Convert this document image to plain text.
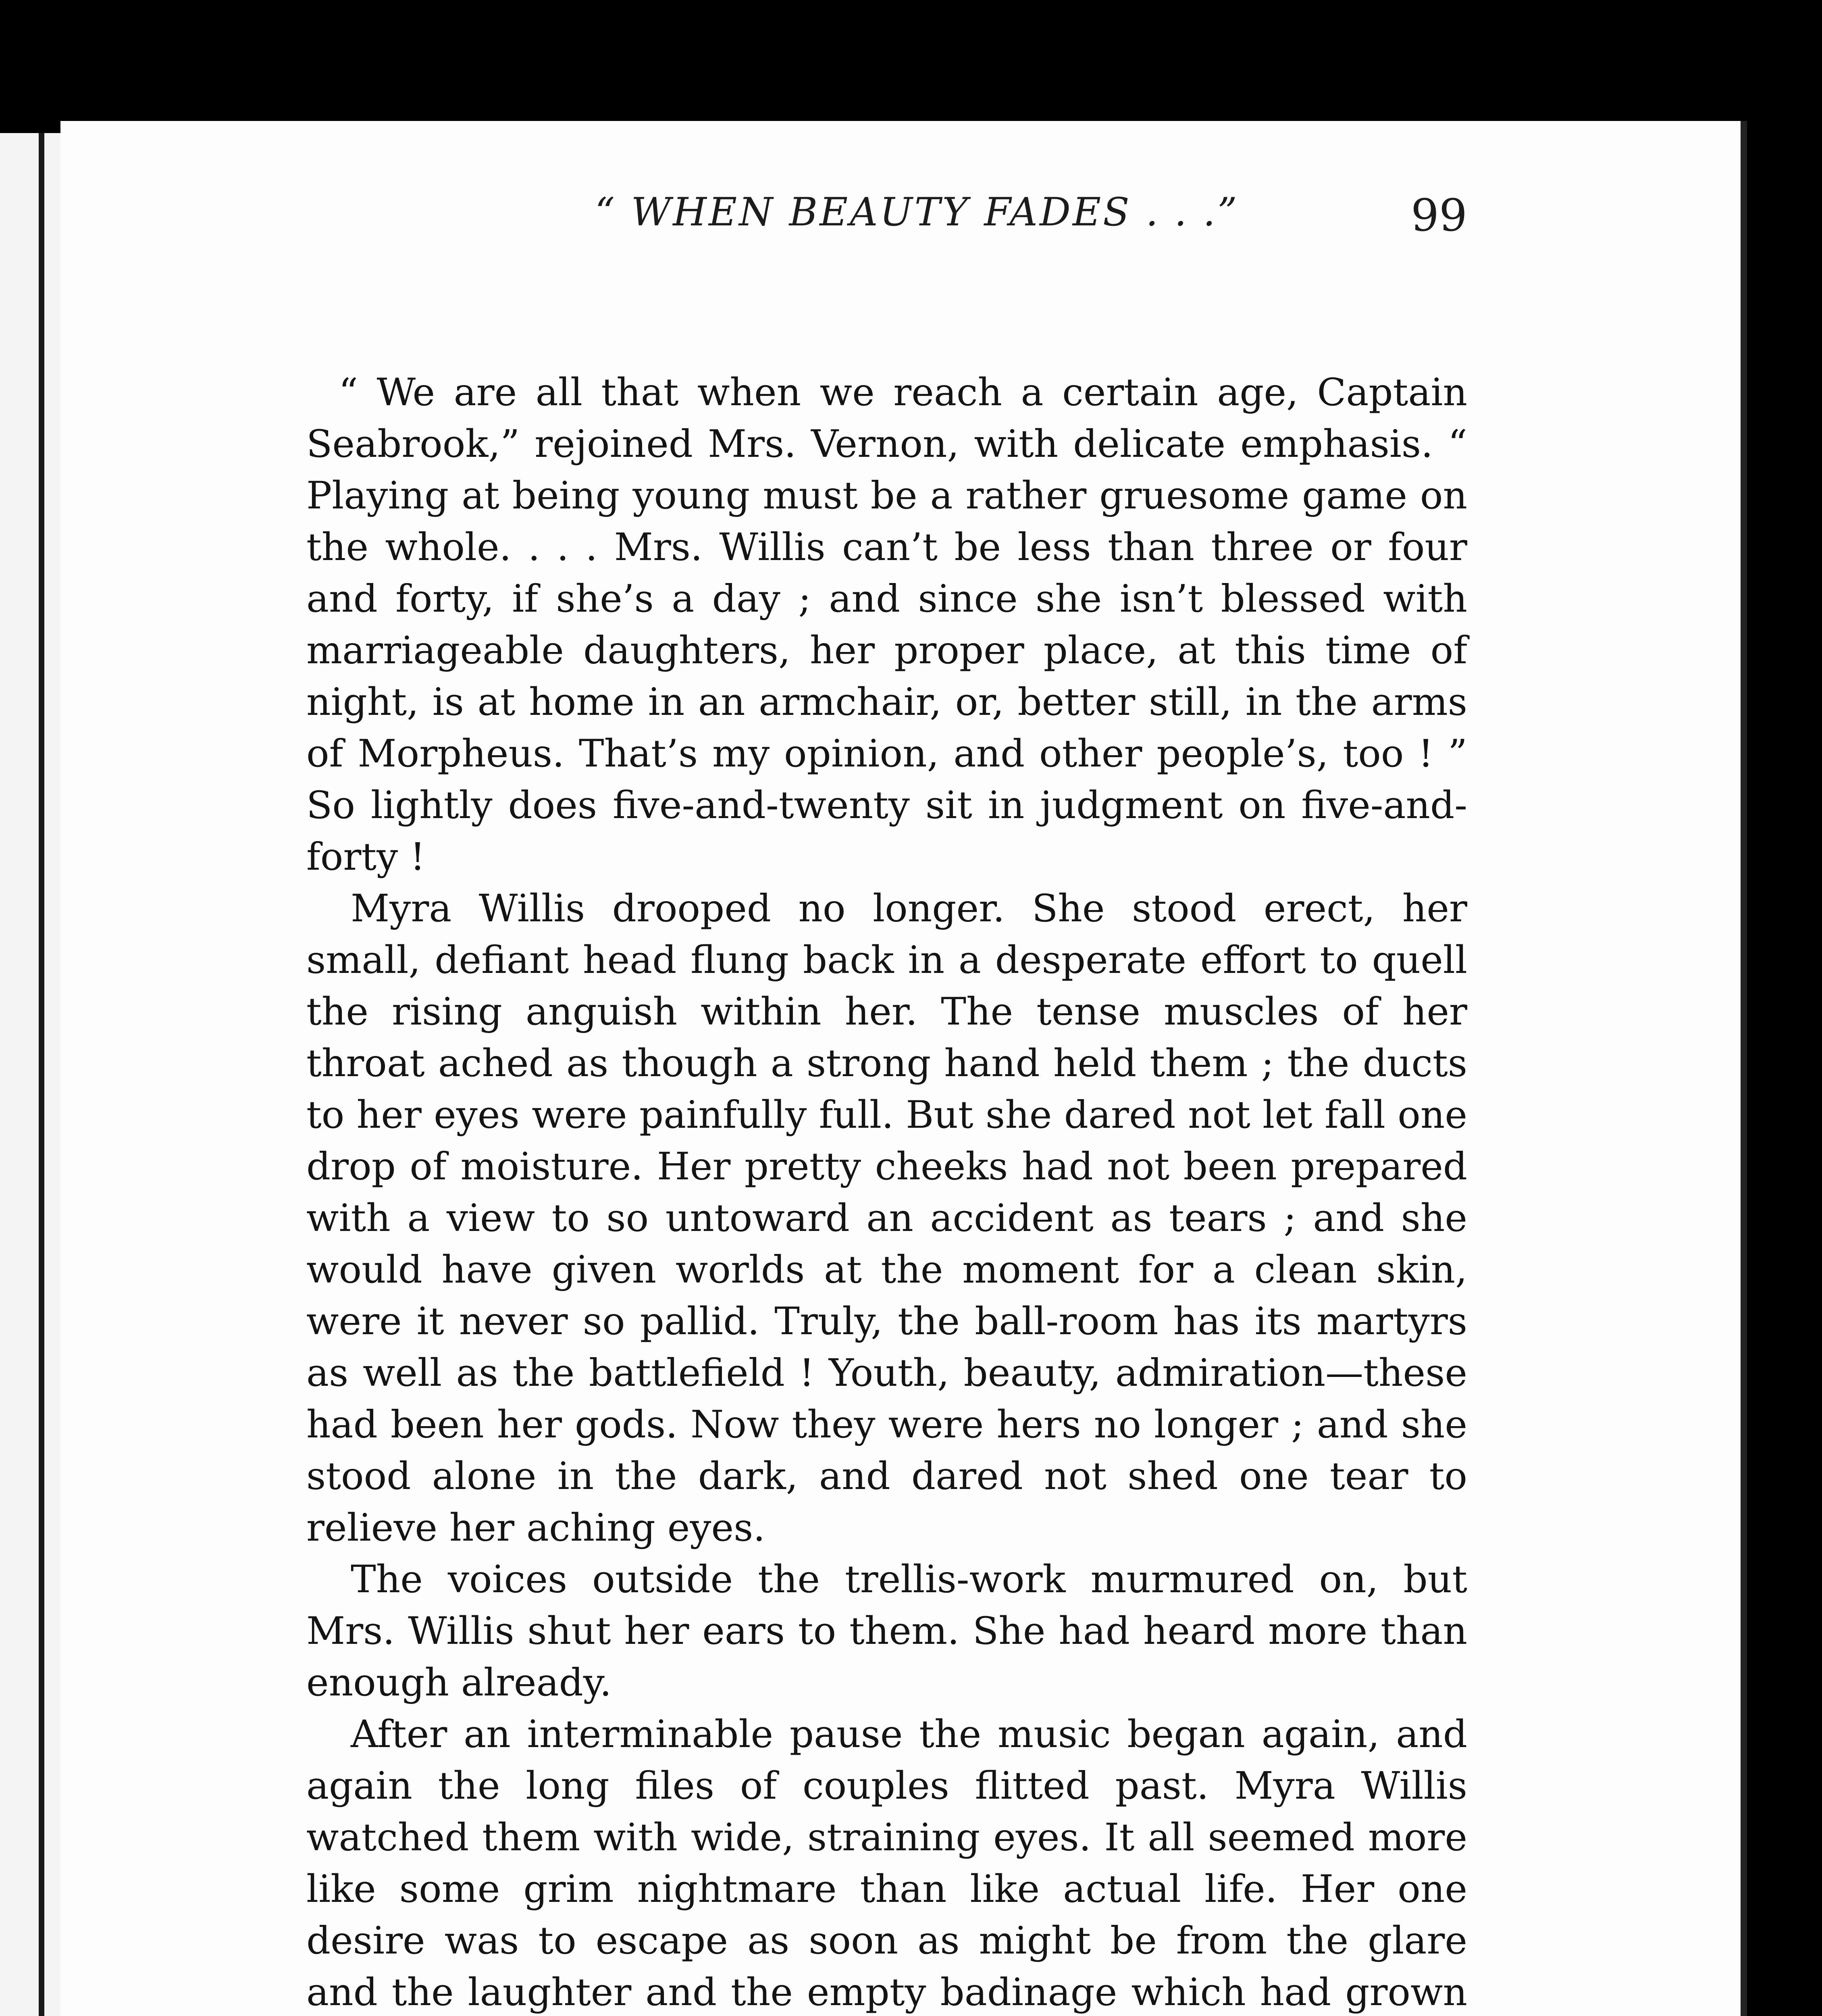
“ WHEN BEAUTY FADES . . .”	99

“ We are all that when we reach a certain age, Captain Seabrook,” rejoined Mrs. Vernon, with delicate emphasis. “ Playing at being young must be a rather gruesome game on the whole. . . . Mrs. Willis can’t be less than three or four and forty, if she’s a day ; and since she isn’t blessed with marriageable daughters, her proper place, at this time of night, is at home in an armchair, or, better still, in the arms of Morpheus. That’s my opinion, and other people’s, too ! ” So lightly does five-and-twenty sit in judgment on five-and-forty !

Myra Willis drooped no longer. She stood erect, her small, defiant head flung back in a desperate effort to quell the rising anguish within her. The tense muscles of her throat ached as though a strong hand held them ; the ducts to her eyes were painfully full. But she dared not let fall one drop of moisture. Her pretty cheeks had not been prepared with a view to so untoward an accident as tears ; and she would have given worlds at the moment for a clean skin, were it never so pallid. Truly, the ball-room has its martyrs as well as the battlefield ! Youth, beauty, admiration—these had been her gods. Now they were hers no longer ; and she stood alone in the dark, and dared not shed one tear to relieve her aching eyes.

The voices outside the trellis-work murmured on, but Mrs. Willis shut her ears to them. She had heard more than enough already.

After an interminable pause the music began again, and again the long files of couples flitted past. Myra Willis watched them with wide, straining eyes. It all seemed more like some grim nightmare than like actual life. Her one desire was to escape as soon as might be from the glare and the laughter and the empty badinage which had grown
